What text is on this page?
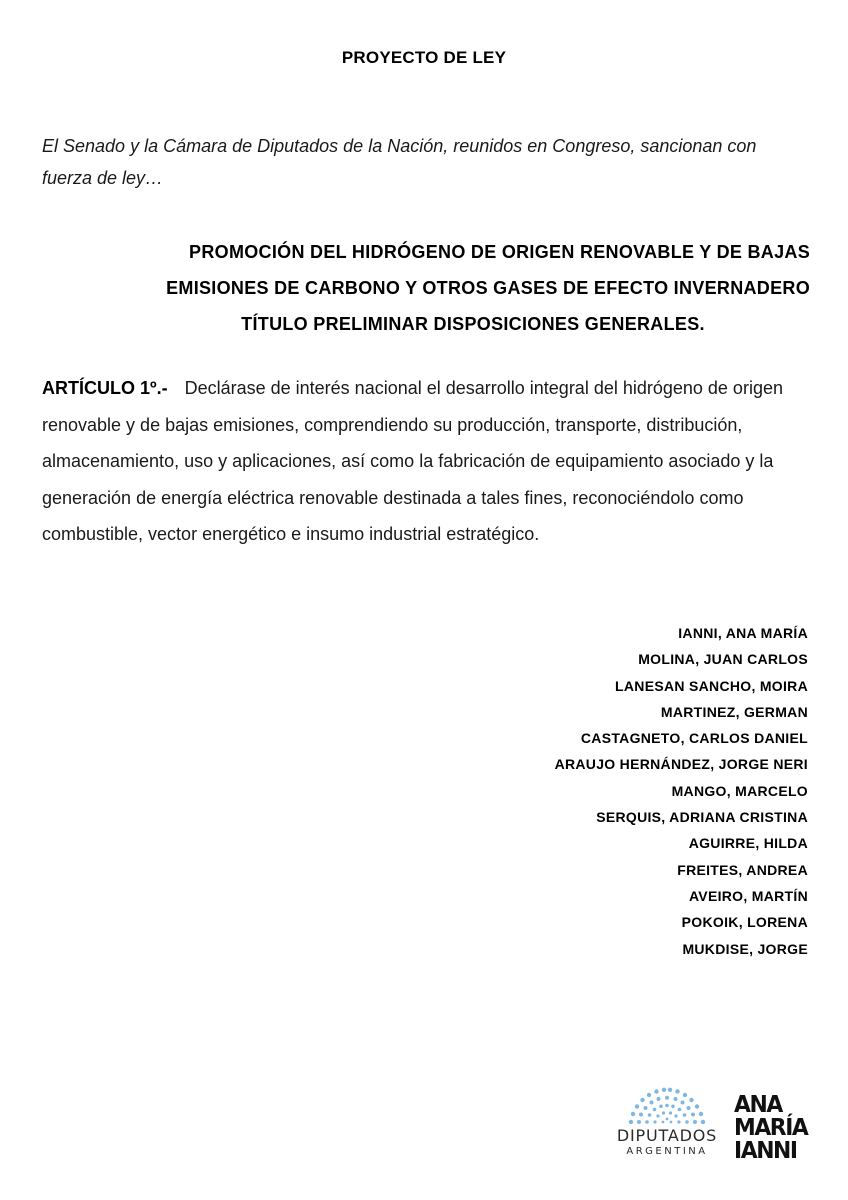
PROYECTO DE LEY
El Senado y la Cámara de Diputados de la Nación, reunidos en Congreso, sancionan con fuerza de ley…
PROMOCIÓN DEL HIDRÓGENO DE ORIGEN RENOVABLE Y DE BAJAS
EMISIONES DE CARBONO Y OTROS GASES DE EFECTO INVERNADERO
TÍTULO PRELIMINAR DISPOSICIONES GENERALES.
ARTÍCULO 1º.- Declárase de interés nacional el desarrollo integral del hidrógeno de origen renovable y de bajas emisiones, comprendiendo su producción, transporte, distribución, almacenamiento, uso y aplicaciones, así como la fabricación de equipamiento asociado y la generación de energía eléctrica renovable destinada a tales fines, reconociéndolo como combustible, vector energético e insumo industrial estratégico.
IANNI, ANA MARÍA
MOLINA, JUAN CARLOS
LANESAN SANCHO, MOIRA
MARTINEZ, GERMAN
CASTAGNETO, CARLOS DANIEL
ARAUJO HERNÁNDEZ, JORGE NERI
MANGO, MARCELO
SERQUIS, ADRIANA CRISTINA
AGUIRRE, HILDA
FREITES, ANDREA
AVEIRO, MARTÍN
POKOIK, LORENA
MUKDISE, JORGE
DIPUTADOS
ARGENTINA
ANA
MARÍA
IANNI
